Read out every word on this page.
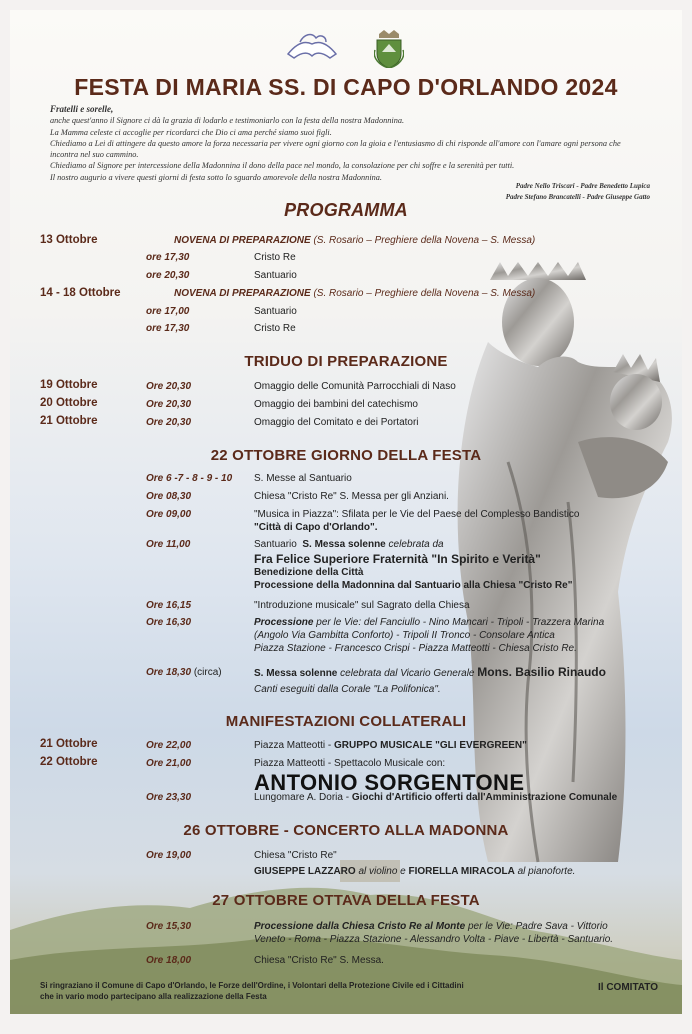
FESTA DI MARIA SS. DI CAPO D'ORLANDO 2024

Fratelli e sorelle,

anche quest'anno il Signore ci dà la grazia di lodarlo e testimoniarlo con la festa della nostra Madonnina.

La Mamma celeste ci accoglie per ricordarci che Dio ci ama perché siamo suoi figli.

Chiediamo a Lei di attingere da questo amore la forza necessaria per vivere ogni giorno con la gioia e l'entusiasmo di chi risponde all'amore con l'amare ogni persona che

incontra nel suo cammino.

Chiediamo al Signore per intercessione della Madonnina il dono della pace nel mondo, la consolazione per chi soffre e la serenità per tutti.

Il nostro augurio a vivere questi giorni di festa sotto lo sguardo amorevole della nostra Madonnina.

Padre Nello Triscari - Padre Benedetto Lupica
Padre Stefano Brancatelli - Padre Giuseppe Gatto
PROGRAMMA
13 Ottobre	NOVENA DI PREPARAZIONE (S. Rosario – Preghiere della Novena – S. Messa)
ore 17,30	Cristo Re
ore 20,30	Santuario
14 - 18 Ottobre	NOVENA DI PREPARAZIONE (S. Rosario – Preghiere della Novena – S. Messa)
ore 17,00	Santuario
ore 17,30	Cristo Re
TRIDUO DI PREPARAZIONE
19 Ottobre	Ore 20,30	Omaggio delle Comunità Parrocchiali di Naso
20 Ottobre	Ore 20,30	Omaggio dei bambini del catechismo
21 Ottobre	Ore 20,30	Omaggio del Comitato e dei Portatori
22 OTTOBRE GIORNO DELLA FESTA
Ore 6 -7 - 8 - 9 - 10 S. Messe al Santuario
Ore 08,30	Chiesa "Cristo Re" S. Messa per gli Anziani.
Ore 09,00	"Musica in Piazza": Sfilata per le Vie del Paese del Complesso Bandistico
"Città di Capo d'Orlando".
Ore 11,00	Santuario S. Messa solenne celebrata da
Fra Felice Superiore Fraternità "In Spirito e Verità"
Benedizione della Città
Processione della Madonnina dal Santuario alla Chiesa "Cristo Re"
Ore 16,15	"Introduzione musicale" sul Sagrato della Chiesa
Ore 16,30	Processione per le Vie: del Fanciullo - Nino Mancari - Tripoli - Trazzera Marina
(Angolo Via Gambitta Conforto) - Tripoli II Tronco - Consolare Antica
Piazza Stazione - Francesco Crispi - Piazza Matteotti - Chiesa Cristo Re.
Ore 18,30 (circa)	S. Messa solenne celebrata dal Vicario Generale Mons. Basilio Rinaudo
Canti eseguiti dalla Corale "La Polifonica".
MANIFESTAZIONI COLLATERALI
21 Ottobre	Ore 22,00	Piazza Matteotti - GRUPPO MUSICALE "GLI EVERGREEN"
22 Ottobre	Ore 21,00	Piazza Matteotti - Spettacolo Musicale con:
ANTONIO SORGENTONE
Ore 23,30	Lungomare A. Doria - Giochi d'Artificio offerti dall'Amministrazione Comunale
26 OTTOBRE - CONCERTO ALLA MADONNA
Ore 19,00	Chiesa "Cristo Re"
GIUSEPPE LAZZARO al violino e FIORELLA MIRACOLA al pianoforte.
27 OTTOBRE OTTAVA DELLA FESTA
Ore 15,30	Processione dalla Chiesa Cristo Re al Monte per le Vie: Padre Sava - Vittorio
Veneto - Roma - Piazza Stazione - Alessandro Volta - Piave - Libertà - Santuario.
Ore 18,00	Chiesa "Cristo Re" S. Messa.
Si ringraziano il Comune di Capo d'Orlando, le Forze dell'Ordine, i Volontari della Protezione Civile ed i Cittadini
che in vario modo partecipano alla realizzazione della Festa
Il COMITATO
